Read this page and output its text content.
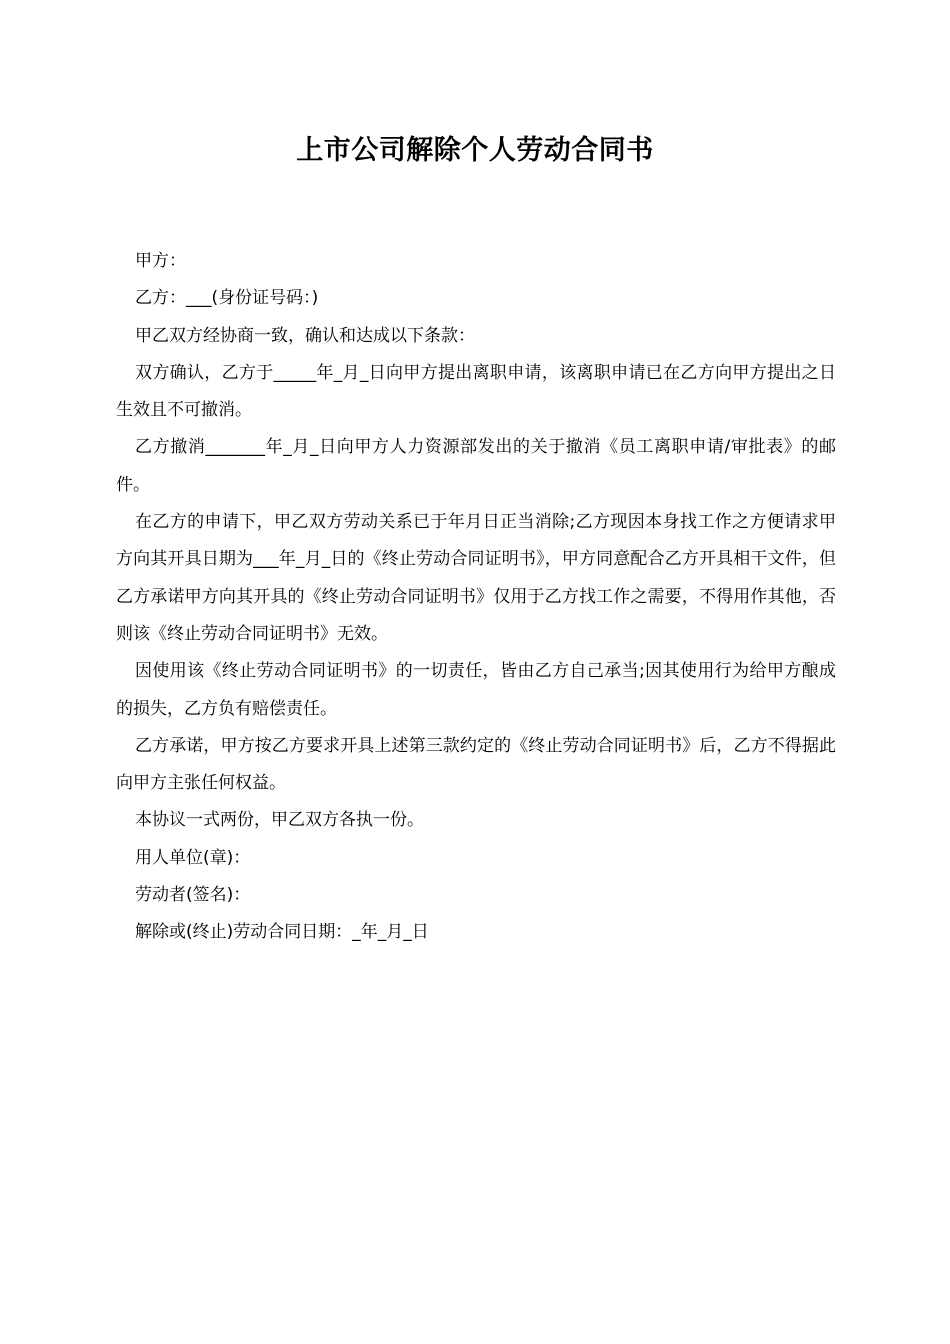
上市公司解除个人劳动合同书

甲方：

乙方：___(身份证号码：)

甲乙双方经协商一致，确认和达成以下条款：

双方确认，乙方于_____年_月_日向甲方提出离职申请，该离职申请已在乙方向甲方提出之日生效且不可撤消。

乙方撤消_______年_月_日向甲方人力资源部发出的关于撤消《员工离职申请/审批表》的邮件。

在乙方的申请下，甲乙双方劳动关系已于年月日正当消除;乙方现因本身找工作之方便请求甲方向其开具日期为___年_月_日的《终止劳动合同证明书》，甲方同意配合乙方开具相干文件，但乙方承诺甲方向其开具的《终止劳动合同证明书》仅用于乙方找工作之需要，不得用作其他，否则该《终止劳动合同证明书》无效。

因使用该《终止劳动合同证明书》的一切责任，皆由乙方自己承当;因其使用行为给甲方酿成的损失，乙方负有赔偿责任。

乙方承诺，甲方按乙方要求开具上述第三款约定的《终止劳动合同证明书》后，乙方不得据此向甲方主张任何权益。

本协议一式两份，甲乙双方各执一份。

用人单位(章)：

劳动者(签名)：

解除或(终止)劳动合同日期：_年_月_日
